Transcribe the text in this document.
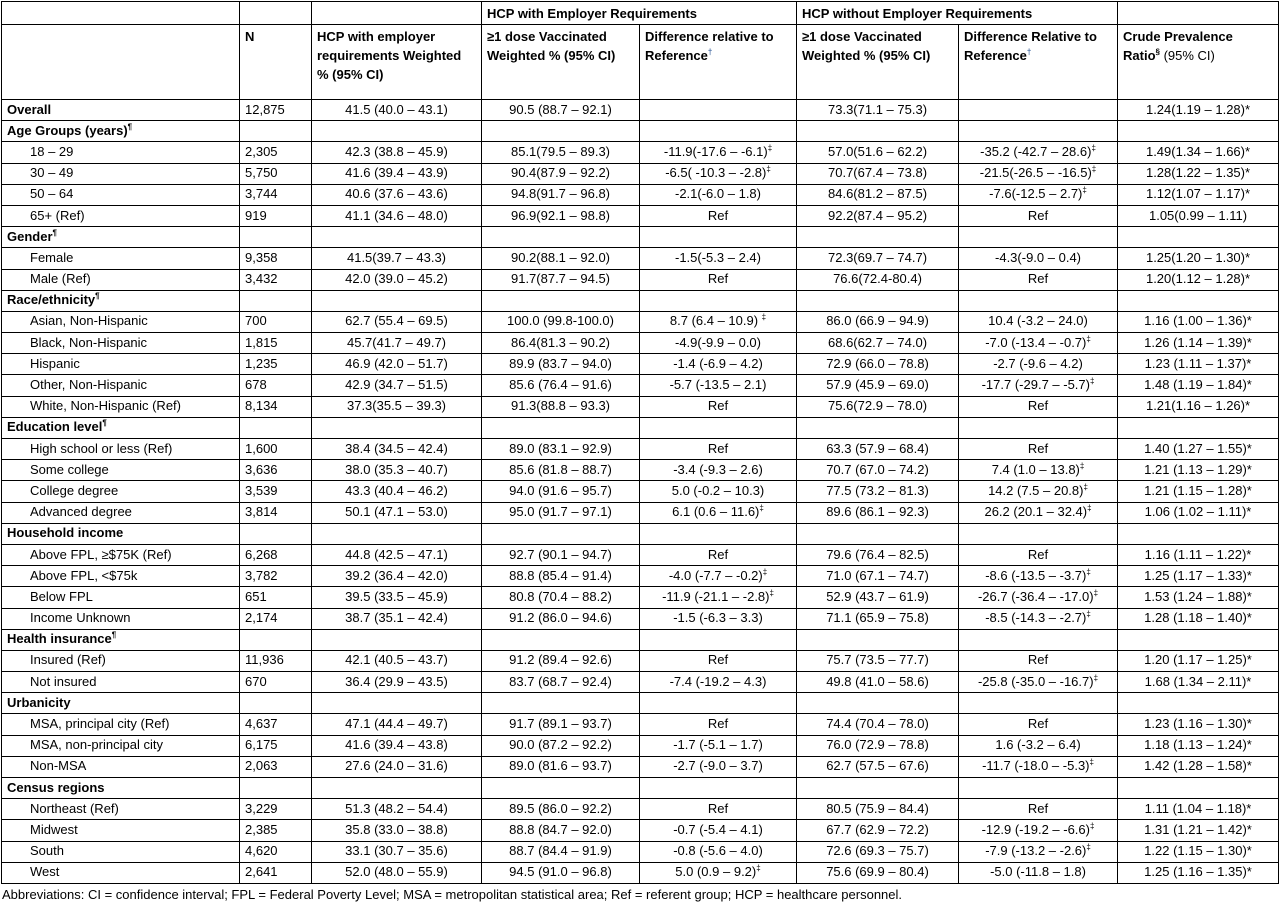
			HCP with Employer Requirements		HCP without Employer Requirements		
	N	HCP with employer requirements Weighted % (95% CI)	≥1 dose Vaccinated Weighted % (95% CI)	Difference relative to Reference†	≥1 dose Vaccinated Weighted % (95% CI)	Difference Relative to Reference†	Crude Prevalence Ratio§ (95% CI)
Overall	12,875	41.5 (40.0 – 43.1)	90.5 (88.7 – 92.1)		73.3(71.1 – 75.3)		1.24(1.19 – 1.28)*
Age Groups (years)¶							
18 – 29	2,305	42.3 (38.8 – 45.9)	85.1(79.5 – 89.3)	-11.9(-17.6 – -6.1)‡	57.0(51.6 – 62.2)	-35.2 (-42.7 – 28.6)‡	1.49(1.34 – 1.66)*
30 – 49	5,750	41.6 (39.4 – 43.9)	90.4(87.9 – 92.2)	-6.5( -10.3 – -2.8)‡	70.7(67.4 – 73.8)	-21.5(-26.5 – -16.5)‡	1.28(1.22 – 1.35)*
50 – 64	3,744	40.6 (37.6 – 43.6)	94.8(91.7 – 96.8)	-2.1(-6.0 – 1.8)	84.6(81.2 – 87.5)	-7.6(-12.5 – 2.7)‡	1.12(1.07 – 1.17)*
65+ (Ref)	919	41.1 (34.6 – 48.0)	96.9(92.1 – 98.8)	Ref	92.2(87.4 – 95.2)	Ref	1.05(0.99 – 1.11)
Gender¶							
Female	9,358	41.5(39.7 – 43.3)	90.2(88.1 – 92.0)	-1.5(-5.3 – 2.4)	72.3(69.7 – 74.7)	-4.3(-9.0 – 0.4)	1.25(1.20 – 1.30)*
Male (Ref)	3,432	42.0 (39.0 – 45.2)	91.7(87.7 – 94.5)	Ref	76.6(72.4-80.4)	Ref	1.20(1.12 – 1.28)*
Race/ethnicity¶							
Asian, Non-Hispanic	700	62.7 (55.4 – 69.5)	100.0 (99.8-100.0)	8.7 (6.4 – 10.9) ‡	86.0 (66.9 – 94.9)	10.4 (-3.2 – 24.0)	1.16 (1.00 – 1.36)*
Black, Non-Hispanic	1,815	45.7(41.7 – 49.7)	86.4(81.3 – 90.2)	-4.9(-9.9 – 0.0)	68.6(62.7 – 74.0)	-7.0 (-13.4 – -0.7)‡	1.26 (1.14 – 1.39)*
Hispanic	1,235	46.9 (42.0 – 51.7)	89.9 (83.7 – 94.0)	-1.4 (-6.9 – 4.2)	72.9 (66.0 – 78.8)	-2.7 (-9.6 – 4.2)	1.23 (1.11 – 1.37)*
Other, Non-Hispanic	678	42.9 (34.7 – 51.5)	85.6 (76.4 – 91.6)	-5.7 (-13.5 – 2.1)	57.9 (45.9 – 69.0)	-17.7 (-29.7 – -5.7)‡	1.48 (1.19 – 1.84)*
White, Non-Hispanic (Ref)	8,134	37.3(35.5 – 39.3)	91.3(88.8 – 93.3)	Ref	75.6(72.9 – 78.0)	Ref	1.21(1.16 – 1.26)*
Education level¶							
High school or less (Ref)	1,600	38.4 (34.5 – 42.4)	89.0 (83.1 – 92.9)	Ref	63.3 (57.9 – 68.4)	Ref	1.40 (1.27 – 1.55)*
Some college	3,636	38.0 (35.3 – 40.7)	85.6 (81.8 – 88.7)	-3.4 (-9.3 – 2.6)	70.7 (67.0 – 74.2)	7.4 (1.0 – 13.8)‡	1.21 (1.13 – 1.29)*
College degree	3,539	43.3 (40.4 – 46.2)	94.0 (91.6 – 95.7)	5.0 (-0.2 – 10.3)	77.5 (73.2 – 81.3)	14.2 (7.5 – 20.8)‡	1.21 (1.15 – 1.28)*
Advanced degree	3,814	50.1 (47.1 – 53.0)	95.0 (91.7 – 97.1)	6.1 (0.6 – 11.6)‡	89.6 (86.1 – 92.3)	26.2 (20.1 – 32.4)‡	1.06 (1.02 – 1.11)*
Household income							
Above FPL, ≥$75K (Ref)	6,268	44.8 (42.5 – 47.1)	92.7 (90.1 – 94.7)	Ref	79.6 (76.4 – 82.5)	Ref	1.16 (1.11 – 1.22)*
Above FPL, <$75k	3,782	39.2 (36.4 – 42.0)	88.8 (85.4 – 91.4)	-4.0 (-7.7 – -0.2)‡	71.0 (67.1 – 74.7)	-8.6 (-13.5 – -3.7)‡	1.25 (1.17 – 1.33)*
Below FPL	651	39.5 (33.5 – 45.9)	80.8 (70.4 – 88.2)	-11.9 (-21.1 – -2.8)‡	52.9 (43.7 – 61.9)	-26.7 (-36.4 – -17.0)‡	1.53 (1.24 – 1.88)*
Income Unknown	2,174	38.7 (35.1 – 42.4)	91.2 (86.0 – 94.6)	-1.5 (-6.3 – 3.3)	71.1 (65.9 – 75.8)	-8.5 (-14.3 – -2.7)‡	1.28 (1.18 – 1.40)*
Health insurance¶							
Insured (Ref)	11,936	42.1 (40.5 – 43.7)	91.2 (89.4 – 92.6)	Ref	75.7 (73.5 – 77.7)	Ref	1.20 (1.17 – 1.25)*
Not insured	670	36.4 (29.9 – 43.5)	83.7 (68.7 – 92.4)	-7.4 (-19.2 – 4.3)	49.8 (41.0 – 58.6)	-25.8 (-35.0 – -16.7)‡	1.68 (1.34 – 2.11)*
Urbanicity							
MSA, principal city (Ref)	4,637	47.1 (44.4 – 49.7)	91.7 (89.1 – 93.7)	Ref	74.4 (70.4 – 78.0)	Ref	1.23 (1.16 – 1.30)*
MSA, non-principal city	6,175	41.6 (39.4 – 43.8)	90.0 (87.2 – 92.2)	-1.7 (-5.1 – 1.7)	76.0 (72.9 – 78.8)	1.6 (-3.2 – 6.4)	1.18 (1.13 – 1.24)*
Non-MSA	2,063	27.6 (24.0 – 31.6)	89.0 (81.6 – 93.7)	-2.7 (-9.0 – 3.7)	62.7 (57.5 – 67.6)	-11.7 (-18.0 – -5.3)‡	1.42 (1.28 – 1.58)*
Census regions							
Northeast (Ref)	3,229	51.3 (48.2 – 54.4)	89.5 (86.0 – 92.2)	Ref	80.5 (75.9 – 84.4)	Ref	1.11 (1.04 – 1.18)*
Midwest	2,385	35.8 (33.0 – 38.8)	88.8 (84.7 – 92.0)	-0.7 (-5.4 – 4.1)	67.7 (62.9 – 72.2)	-12.9 (-19.2 – -6.6)‡	1.31 (1.21 – 1.42)*
South	4,620	33.1 (30.7 – 35.6)	88.7 (84.4 – 91.9)	-0.8 (-5.6 – 4.0)	72.6 (69.3 – 75.7)	-7.9 (-13.2 – -2.6)‡	1.22 (1.15 – 1.30)*
West	2,641	52.0 (48.0 – 55.9)	94.5 (91.0 – 96.8)	5.0 (0.9 – 9.2)‡	75.6 (69.9 – 80.4)	-5.0 (-11.8 – 1.8)	1.25 (1.16 – 1.35)*
Abbreviations: CI = confidence interval; FPL = Federal Poverty Level; MSA = metropolitan statistical area; Ref = referent group; HCP = healthcare personnel.
